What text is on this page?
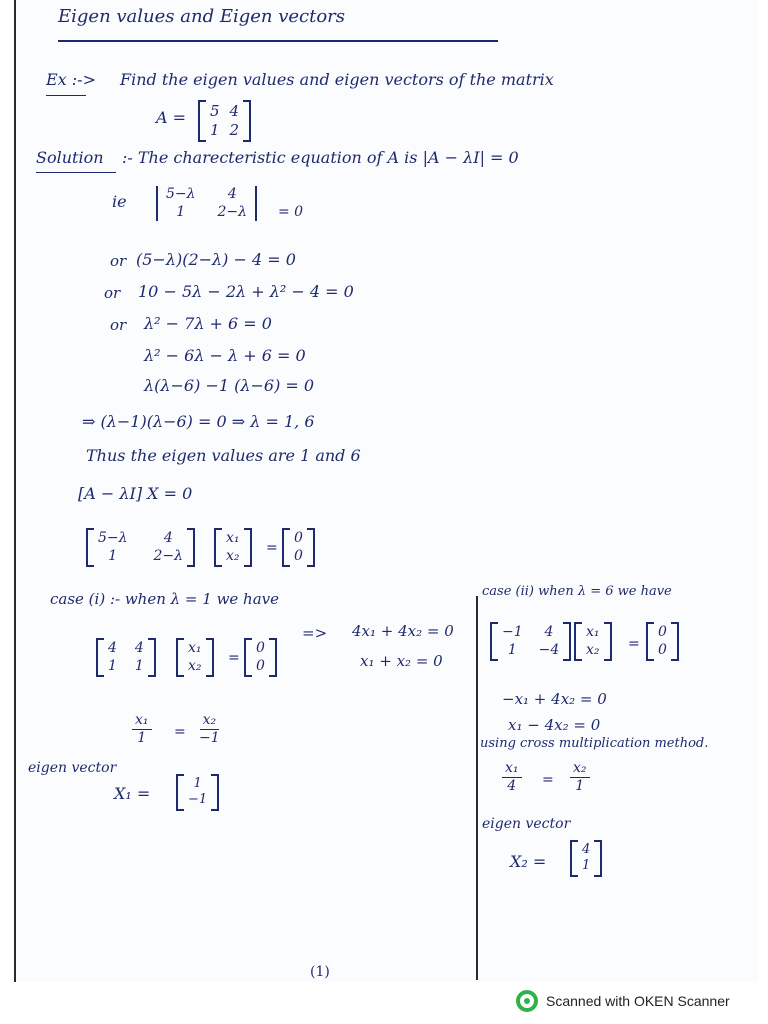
Eigen values and Eigen vectors
Ex :-> Find the eigen values and eigen vectors of the matrix
A = 5 4
1 2
Solution :- The charecteristic equation of A is |A − λI| = 0
ie	5−λ	4
1	2−λ = 0
or (5−λ)(2−λ) − 4 = 0
or 10 − 5λ − 2λ + λ² − 4 = 0
or λ² − 7λ + 6 = 0
λ² − 6λ − λ + 6 = 0
λ(λ−6) −1 (λ−6) = 0
⇒ (λ−1)(λ−6) = 0 ⇒ λ = 1, 6
Thus the eigen values are 1 and 6
[A − λI] X = 0
5−λ	4
1	2−λ
x₁
x₂ =
0
0
case (i) :- when λ = 1 we have
4 4
1 1
x₁
x₂ =
0
0
=> 4x₁ + 4x₂ = 0
x₁ + x₂ = 0
$\frac{\text{x₁}}{1} = \frac{\text{x₂}}{-1}$
eigen vector
X₁ =
1
−1
case (ii) when λ = 6 we have
−1	4
1	−4
x₁
x₂ =
0
0
−x₁ + 4x₂ = 0
x₁ − 4x₂ = 0
using cross multiplication method.
$\frac{\text{x₁}}{4} = \frac{\text{x₂}}{1}$
eigen vector
X₂ =
4
1
(1)
Scanned with OKEN Scanner
